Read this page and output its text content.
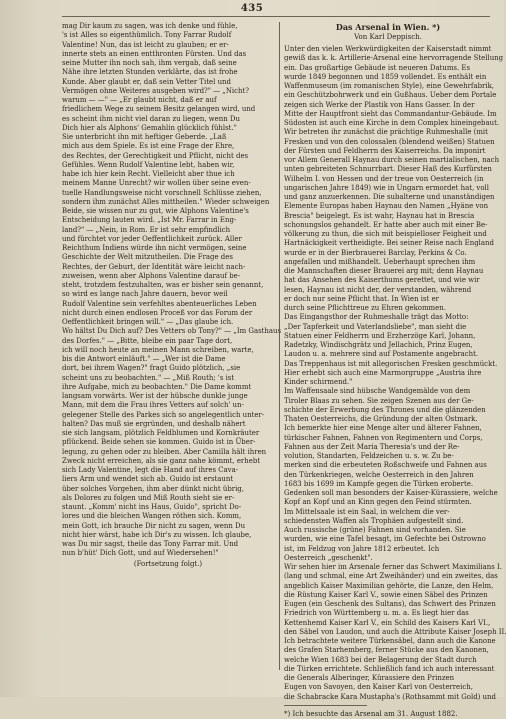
435
mag Dir kaum zu sagen, was ich denke und fühle,
's ist Alles so eigenthümlich. Tony Farrar Rudolf
Valentine! Nun, das ist leicht zu glauben; er er-
innerte stets an einen entthronten Fürsten. Und das
seine Mutter ihn noch sah, ihm vergab, daß seine
Nähe ihre letzten Stunden verklärte, das ist frohe
Kunde. Aber glaubt er, daß sein Vetter Titel und
Vermögen ohne Weiteres ausgeben wird?" — „Nicht?
warum — —" — „Er glaubt nicht, daß er auf
friedlichem Wege zu seinem Besitz gelangen wird, und
es scheint ihm nicht viel daran zu liegen, wenn Du
Dich hier als Alphons' Gemahlin glücklich fühlst."
Sie unterbricht ihn mit heftiger Geberde. „Laß
mich aus dem Spiele. Es ist eine Frage der Ehre,
des Rechtes, der Gerechtigkeit und Pflicht, nicht des
Gefühles. Wenn Rudolf Valentine lebt, haben wir,
habe ich hier kein Recht. Vielleicht aber thue ich
meinem Manne Unrecht? wir wollen über seine even-
tuelle Handlungsweise nicht vorschnell Schlüsse ziehen,
sondern ihm zunächst Alles mittheilen." Wieder schweigen
Beide, sie wissen nur zu gut, wie Alphons Valentine's
Entscheidung lauten wird. „Ist Mr. Farrar in Eng-
land?" — „Nein, in Rom. Er ist sehr empfindlich
und fürchtet vor jeder Oeffentlichkeit zurück. Aller
Reichthum Indiens würde ihn nicht vermögen, seine
Geschichte der Welt mitzutheilen. Die Frage des
Rechtes, der Geburt, der Identität wäre leicht nach-
zuweisen, wenn aber Alphons Valentine darauf be-
steht, trotzdem festzuhalten, was er bisher sein genannt,
so wird es lange nach Jahre dauern, bevor weil
Rudolf Valentine sein verfehltes abenteuerliches Leben
nicht durch einen endlosen Proceß vor das Forum der
Oeffentlichkeit bringen will." — „Das glaube ich.
Wo hältst Du Dich auf? Des Vetters ob Tony?" — „Im Gasthaus
des Dorfes." — „Bitte, bleibe ein paar Tage dort,
ich will noch heute an meinen Mann schreiben, warte,
bis die Antwort einläuft." — „Wer ist die Dame
dort, bei ihrem Wagen?" fragt Guido plötzlich, „sie
scheint uns zu beobachten." — „Miß Routh; 's ist
ihre Aufgabe, mich zu beobachten." Die Dame kommt
langsam vorwärts. Wer ist der hübsche dunkle junge
Mann, mit dem die Frau ihres Vetters auf solch' un-
gelegener Stelle des Parkes sich so angelegentlich unter-
halten? Das muß sie ergründen, und deshalb nähert
sie sich langsam, plötzlich Feldblumen und Kornkräuter
pflückend. Beide sehen sie kommen. Guido ist in Über-
legung, zu gehen oder zu bleiben. Aber Camilla hält ihren
Zweck nicht erreichen, als sie ganz nahe kömmt, erhebt
sich Lady Valentine, legt die Hand auf ihres Cava-
liers Arm und wendet sich ab. Guido ist erstaunt
über solches Vorgehen, ihm aber dünkt nicht übrig,
als Dolores zu folgen und Miß Routh sieht sie er-
staunt. „Komm' nicht ins Haus, Guido", spricht Do-
lores und die bleichen Wangen röthen sich. Komm,
mein Gott, ich brauche Dir nicht zu sagen, wenn Du
nicht hier wärst, habe ich Dir's zu wissen. Ich glaube,
was Du mir sagst, theile das Tony Farrar mit. Und
nun b'hüt' Dich Gott, und auf Wiedersehen!"
(Fortsetzung folgt.)
Das Arsenal in Wien. *)
Von Karl Deppisch.
Unter den vielen Werkwürdigkeiten der Kaiserstadt nimmt
gewiß das k. k. Artillerie-Arsenal eine hervorragende Stellung
ein. Das großartige Gebäude ist neueren Datums. Es
wurde 1849 begonnen und 1859 vollendet. Es enthält ein
Waffenmuseum (im romanischen Style), eine Gewehrfabrik,
ein Geschützbohrwerk und ein Gußhaus. Ueber dem Portale
zeigen sich Werke der Plastik von Hans Gasser. In der
Mitte der Hauptfront sieht das Commandantur-Gebäude. Im
Südosten ist auch eine Kirche in dem Complex hineingebaut.
Wir betreten ihr zunächst die prächtige Ruhmeshalle (mit
Fresken und von den colossalen (blendend weißen) Statuen
der Fürsten und Feldherrn des Kaiserreichs. Da imponirt
vor Allem Generall Haynau durch seinen martialischen, nach
unten gebreiteten Schnurrbart. Dieser Haß des Kurfürsten
Wilhelm I. von Hessen und der treue von Oesterreich (in
ungarischen Jahre 1849) wie in Ungarn ermordet hat, voll
und ganz anzuerkennen. Die subalterne und unanständigen
Elemente Europas haben Haynau den Namen „Hyäne von
Brescia" beigelegt. Es ist wahr, Haynau hat in Brescia
schonungslos gehandelt. Er hatte aber auch mit einer Be-
völkerung zu thun, die sich mit beispielloser Feigheit und
Hartnäckigkeit vertheidigte. Bei seiner Reise nach England
wurde er in der Bierbrauerei Barclay, Perkins & Co.
angefallen und mißhandelt. Ueberhaupt sprechen ihm
die Mannschaften dieser Brauerei arg mit; denn Haynau
hat das Ansehen des Kaiserthums gerettet, und wie wir
lesen, Haynau ist nicht der, der verstanden, während
er doch nur seine Pflicht that. In Wien ist er
durch seine Pflichttreue zu Ehren gekommen.
Das Eingangsthor der Ruhmeshalle trägt das Motto:
„Der Tapferkeit und Vaterlandsliebe", man sieht die
Statuen einer Feldherrn und Erzherzöge Karl, Johann,
Radetzky, Windischgrätz und Jellachich, Prinz Eugen,
Laudon u. a. mehrere sind auf Postamente angebracht.
Das Treppenhaus ist mit allegorischen Fresken geschmückt.
Hier erhebt sich auch eine Marmorgruppe „Austria ihre
Kinder schirmend."
Im Waffensaale sind hübsche Wandgemälde von dem
Tiroler Blaas zu sehen. Sie zeigen Szenen aus der Ge-
schichte der Erwerbung des Thrones und die glänzenden
Thaten Oesterreichs, die Gründung der alten Ostmark.
Ich bemerkte hier eine Menge alter und älterer Fahnen,
türkischer Fahnen, Fahnen von Regimentern und Corps,
Fahnen aus der Zeit Maria Theresia's und der Re-
volution, Standarten, Feldzeichen u. s. w. Zu be-
merken sind die erbeuteten Roßschweife und Fahnen aus
den Türkenkriegen, welche Oesterreich in den Jahren
1683 bis 1699 im Kampfe gegen die Türken eroberte.
Gedenken soll man besonders der Kaiser-Kürassiere, welche
Kopf an Kopf und an Kinn gegen den Feind stürmten.
Im Mittelsaale ist ein Saal, in welchem die ver-
schiedensten Waffen als Trophäen aufgestellt sind.
Auch russische (grüne) Fahnen sind vorhanden. Sie
wurden, wie eine Tafel besagt, im Gefechte bei Ostrowno
ist, im Feldzug von Jahre 1812 erbeutet. Ich
Oesterreich „geschenkt".
Wir sehen hier im Arsenale ferner das Schwert Maximilians I.
(lang und schmal, eine Art Zweihänder) und ein zweites, das
angeblich Kaiser Maximilian gehörte, die Lanze, den Helm,
die Rüstung Kaiser Karl V., sowie einen Säbel des Prinzen
Eugen (ein Geschenk des Sultans), das Schwert des Prinzen
Friedrich von Württemberg u. m. a. Es liegt hier das
Kettenhemd Kaiser Karl V., ein Schild des Kaisers Karl VI.,
den Säbel von Laudon, und auch die Attribute Kaiser Joseph II.
Ich betrachtete weitere Türkensäbel, dann auch die Kanone
des Grafen Starhemberg, ferner Stücke aus den Kanonen,
welche Wien 1683 bei der Belagerung der Stadt durch
die Türken errichtete. Schließlich fand ich auch interessant
die Generals Alberinger, Kürassiere den Prinzen
Eugen von Savoyen, den Kaiser Karl von Oesterreich,
die Schabracke Kara Mustapha's (Rothsammt mit Gold) und
*) Ich besuchte das Arsenal am 31. August 1882.
